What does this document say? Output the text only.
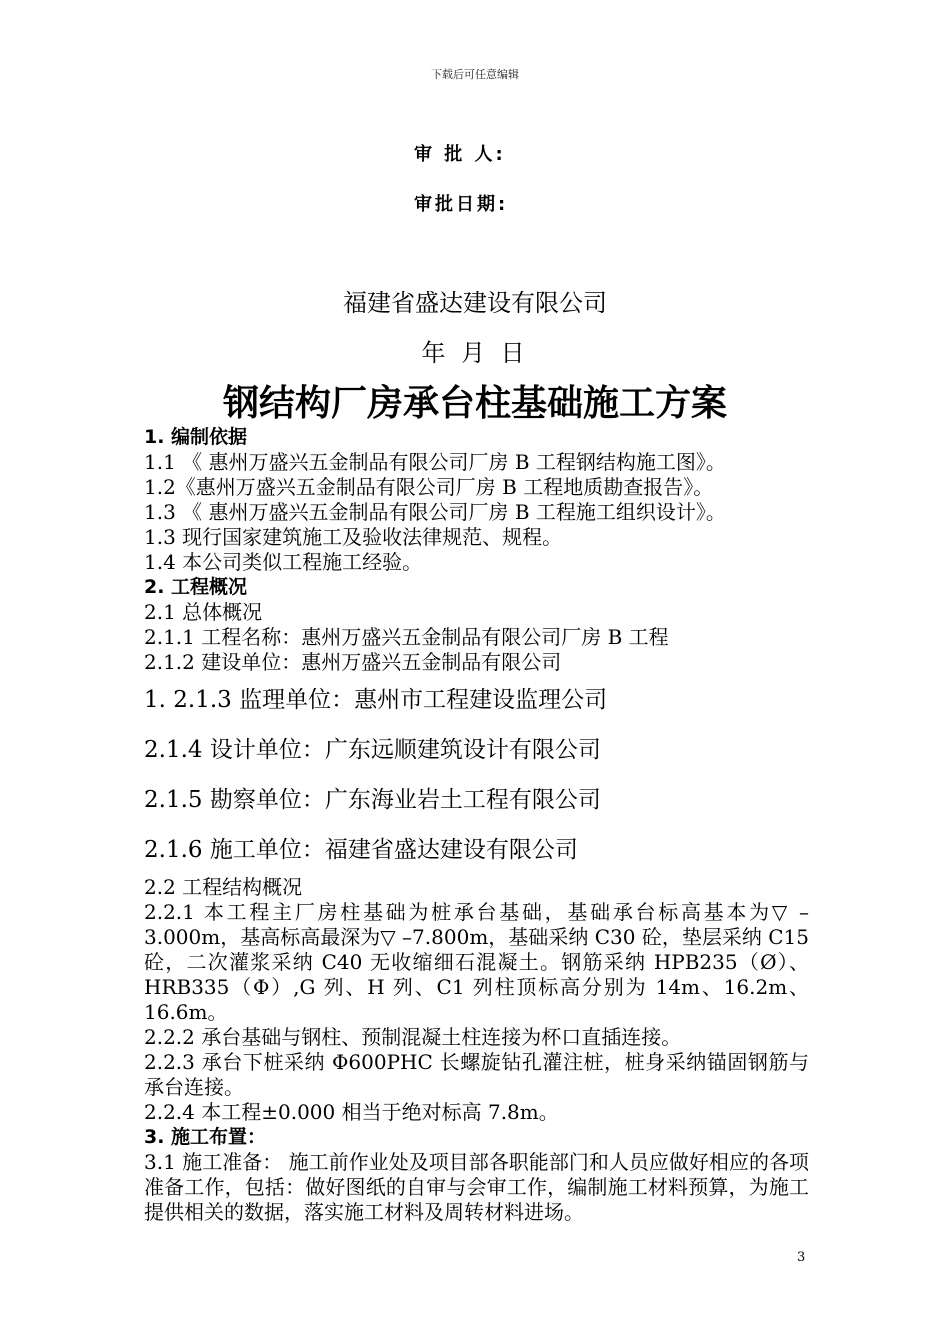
下载后可任意编辑
审 批 人:
审批日期:
福建省盛达建设有限公司
年 月 日
钢结构厂房承台柱基础施工方案

1. 编制依据

1.1 《 惠州万盛兴五金制品有限公司厂房 B 工程钢结构施工图》。

1.2《惠州万盛兴五金制品有限公司厂房 B 工程地质勘查报告》。

1.3 《 惠州万盛兴五金制品有限公司厂房 B 工程施工组织设计》。

1.3 现行国家建筑施工及验收法律规范、规程。

1.4 本公司类似工程施工经验。

2. 工程概况

2.1 总体概况

2.1.1 工程名称：惠州万盛兴五金制品有限公司厂房 B 工程

2.1.2 建设单位：惠州万盛兴五金制品有限公司

1. 2.1.3 监理单位：惠州市工程建设监理公司

2.1.4 设计单位：广东远顺建筑设计有限公司

2.1.5 勘察单位：广东海业岩土工程有限公司

2.1.6 施工单位：福建省盛达建设有限公司

2.2 工程结构概况

2.2.1 本工程主厂房柱基础为桩承台基础，基础承台标高基本为▽ –3.000m，基高标高最深为▽ –7.800m，基础采纳 C30 砼，垫层采纳 C15 砼，二次灌浆采纳 C40 无收缩细石混凝土。钢筋采纳 HPB235（Ø）、HRB335（Φ）,G 列、H 列、C1 列柱顶标高分别为 14m、16.2m、16.6m。

2.2.2 承台基础与钢柱、预制混凝土柱连接为杯口直插连接。

2.2.3 承台下桩采纳 Φ600PHC 长螺旋钻孔灌注桩，桩身采纳锚固钢筋与承台连接。

2.2.4 本工程±0.000 相当于绝对标高 7.8m。

3. 施工布置：

3.1 施工准备： 施工前作业处及项目部各职能部门和人员应做好相应的各项准备工作，包括：做好图纸的自审与会审工作，编制施工材料预算，为施工提供相关的数据，落实施工材料及周转材料进场。

3
